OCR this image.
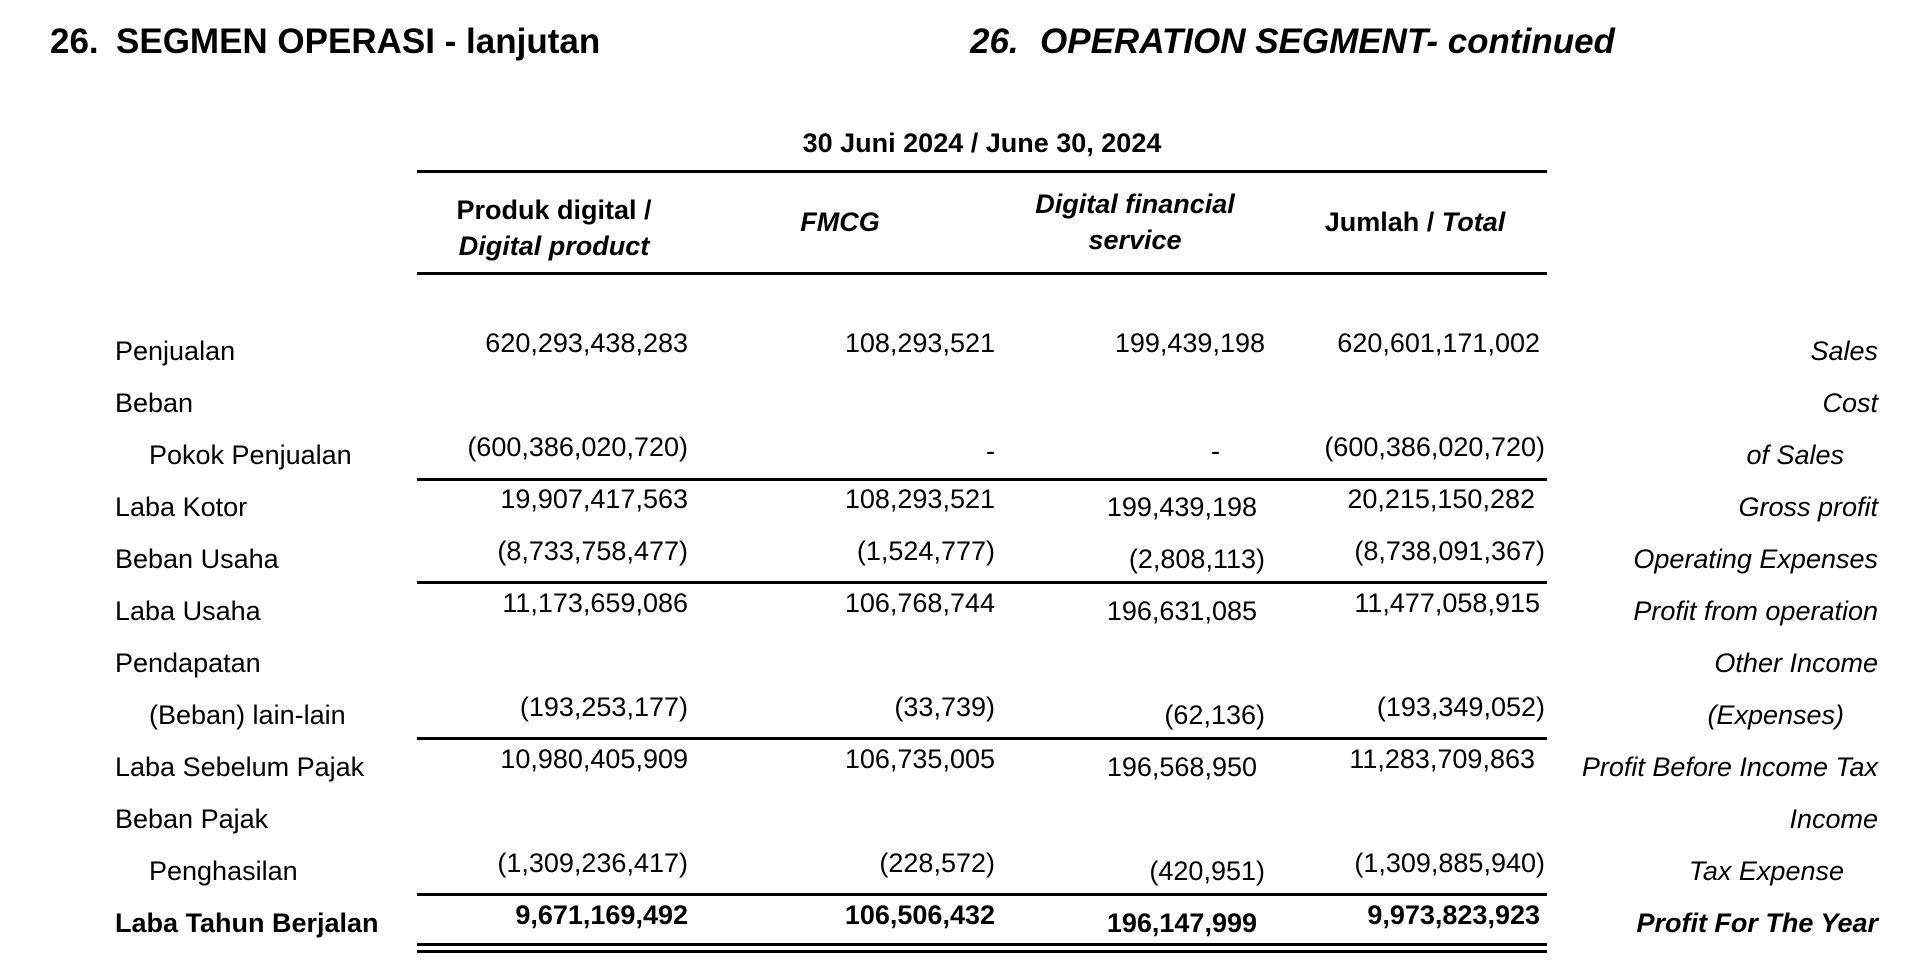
26. SEGMEN OPERASI - lanjutan	26. OPERATION SEGMENT- continued
30 Juni 2024 / June 30, 2024
Produk digital /
Digital product
FMCG
Digital financial
service
Jumlah / Total
Penjualan	620,293,438,283	108,293,521	199,439,198	620,601,171,002	Sales
Beban	Cost
Pokok Penjualan	(600,386,020,720)	-	-	(600,386,020,720)	of Sales
Laba Kotor	19,907,417,563	108,293,521	199,439,198	20,215,150,282	Gross profit
Beban Usaha	(8,733,758,477)	(1,524,777)	(2,808,113)	(8,738,091,367)	Operating Expenses
Laba Usaha	11,173,659,086	106,768,744	196,631,085	11,477,058,915	Profit from operation
Pendapatan	Other Income
(Beban) lain-lain	(193,253,177)	(33,739)	(62,136)	(193,349,052)	(Expenses)
Laba Sebelum Pajak	10,980,405,909	106,735,005	196,568,950	11,283,709,863 Profit Before Income Tax
Beban Pajak	Income
Penghasilan	(1,309,236,417)	(228,572)	(420,951)	(1,309,885,940)	Tax Expense
Laba Tahun Berjalan	9,671,169,492	106,506,432	196,147,999	9,973,823,923	Profit For The Year
